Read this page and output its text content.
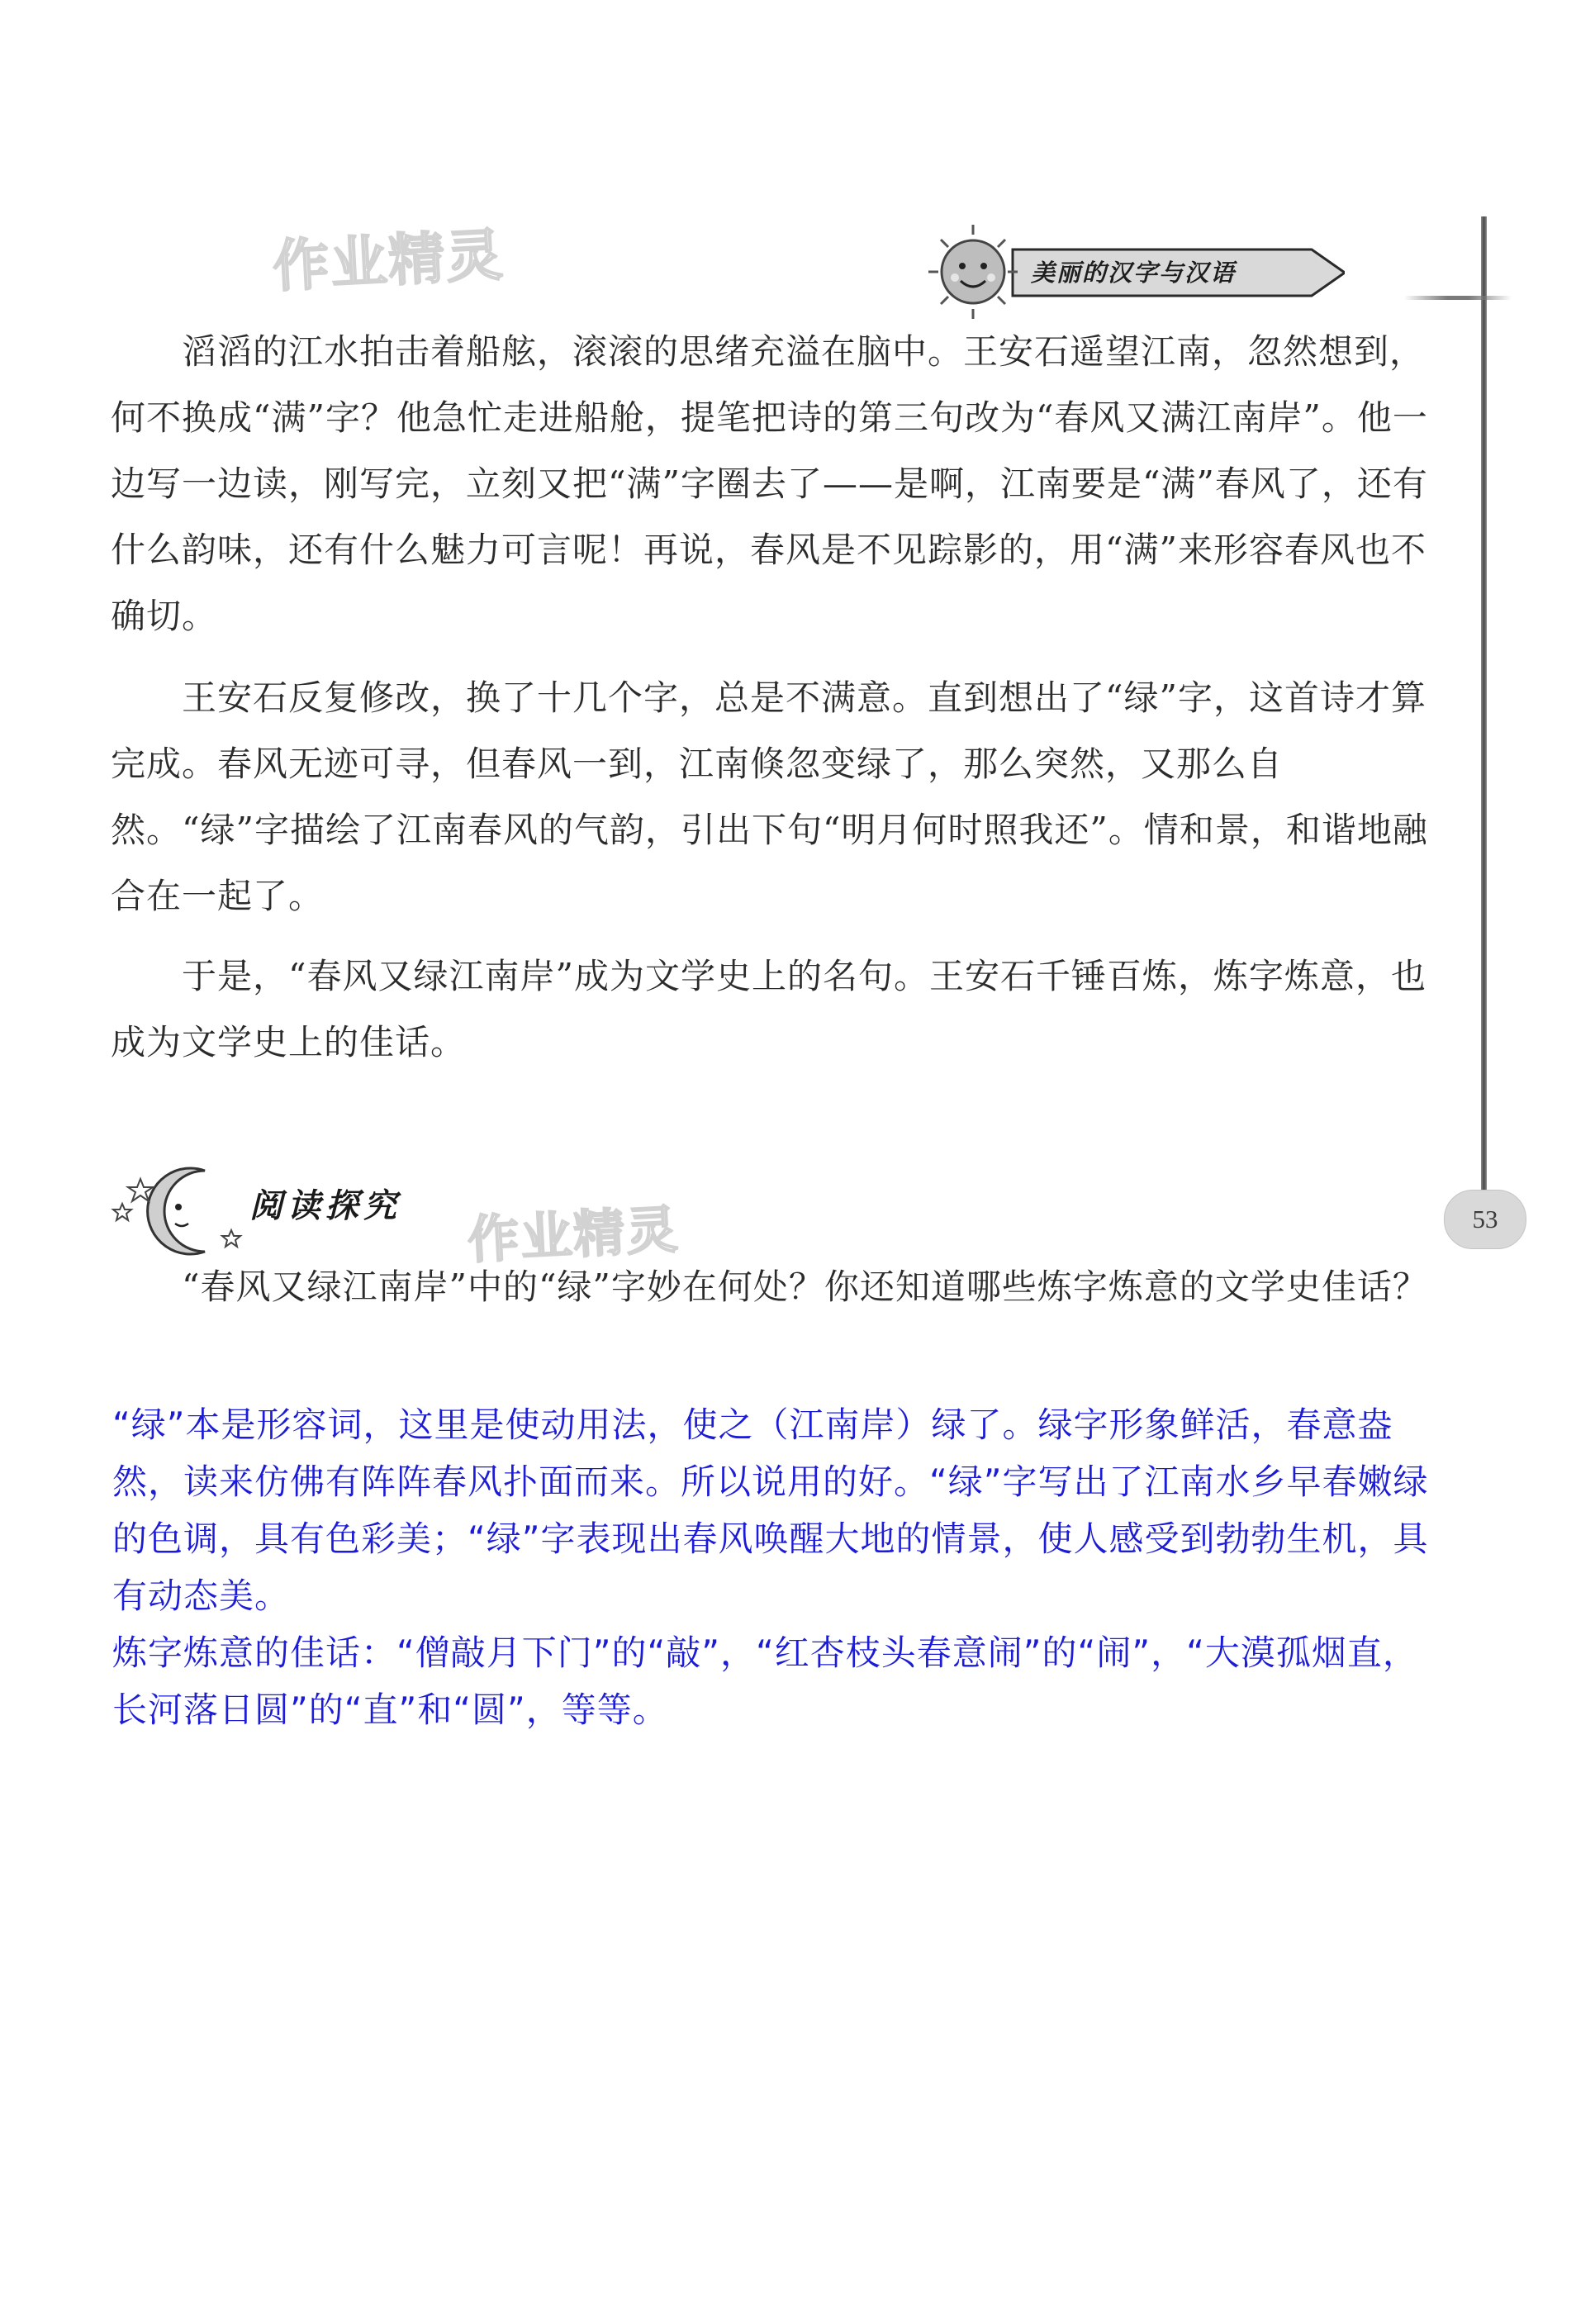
作业精灵
作业精灵
美丽的汉字与汉语
53

滔滔的江水拍击着船舷，滚滚的思绪充溢在脑中。王安石遥望江南，忽然想到，何不换成“满”字？他急忙走进船舱，提笔把诗的第三句改为“春风又满江南岸”。他一边写一边读，刚写完，立刻又把“满”字圈去了——是啊，江南要是“满”春风了，还有什么韵味，还有什么魅力可言呢！再说，春风是不见踪影的，用“满”来形容春风也不确切。

王安石反复修改，换了十几个字，总是不满意。直到想出了“绿”字，这首诗才算完成。春风无迹可寻，但春风一到，江南倏忽变绿了，那么突然，又那么自然。“绿”字描绘了江南春风的气韵，引出下句“明月何时照我还”。情和景，和谐地融合在一起了。

于是，“春风又绿江南岸”成为文学史上的名句。王安石千锤百炼，炼字炼意，也成为文学史上的佳话。

阅读探究

“春风又绿江南岸”中的“绿”字妙在何处？你还知道哪些炼字炼意的文学史佳话？

“绿”本是形容词，这里是使动用法，使之（江南岸）绿了。绿字形象鲜活，春意盎然，读来仿佛有阵阵春风扑面而来。所以说用的好。“绿”字写出了江南水乡早春嫩绿的色调，具有色彩美；“绿”字表现出春风唤醒大地的情景，使人感受到勃勃生机，具有动态美。

炼字炼意的佳话：“僧敲月下门”的“敲”，“红杏枝头春意闹”的“闹”，“大漠孤烟直，长河落日圆”的“直”和“圆”，等等。
